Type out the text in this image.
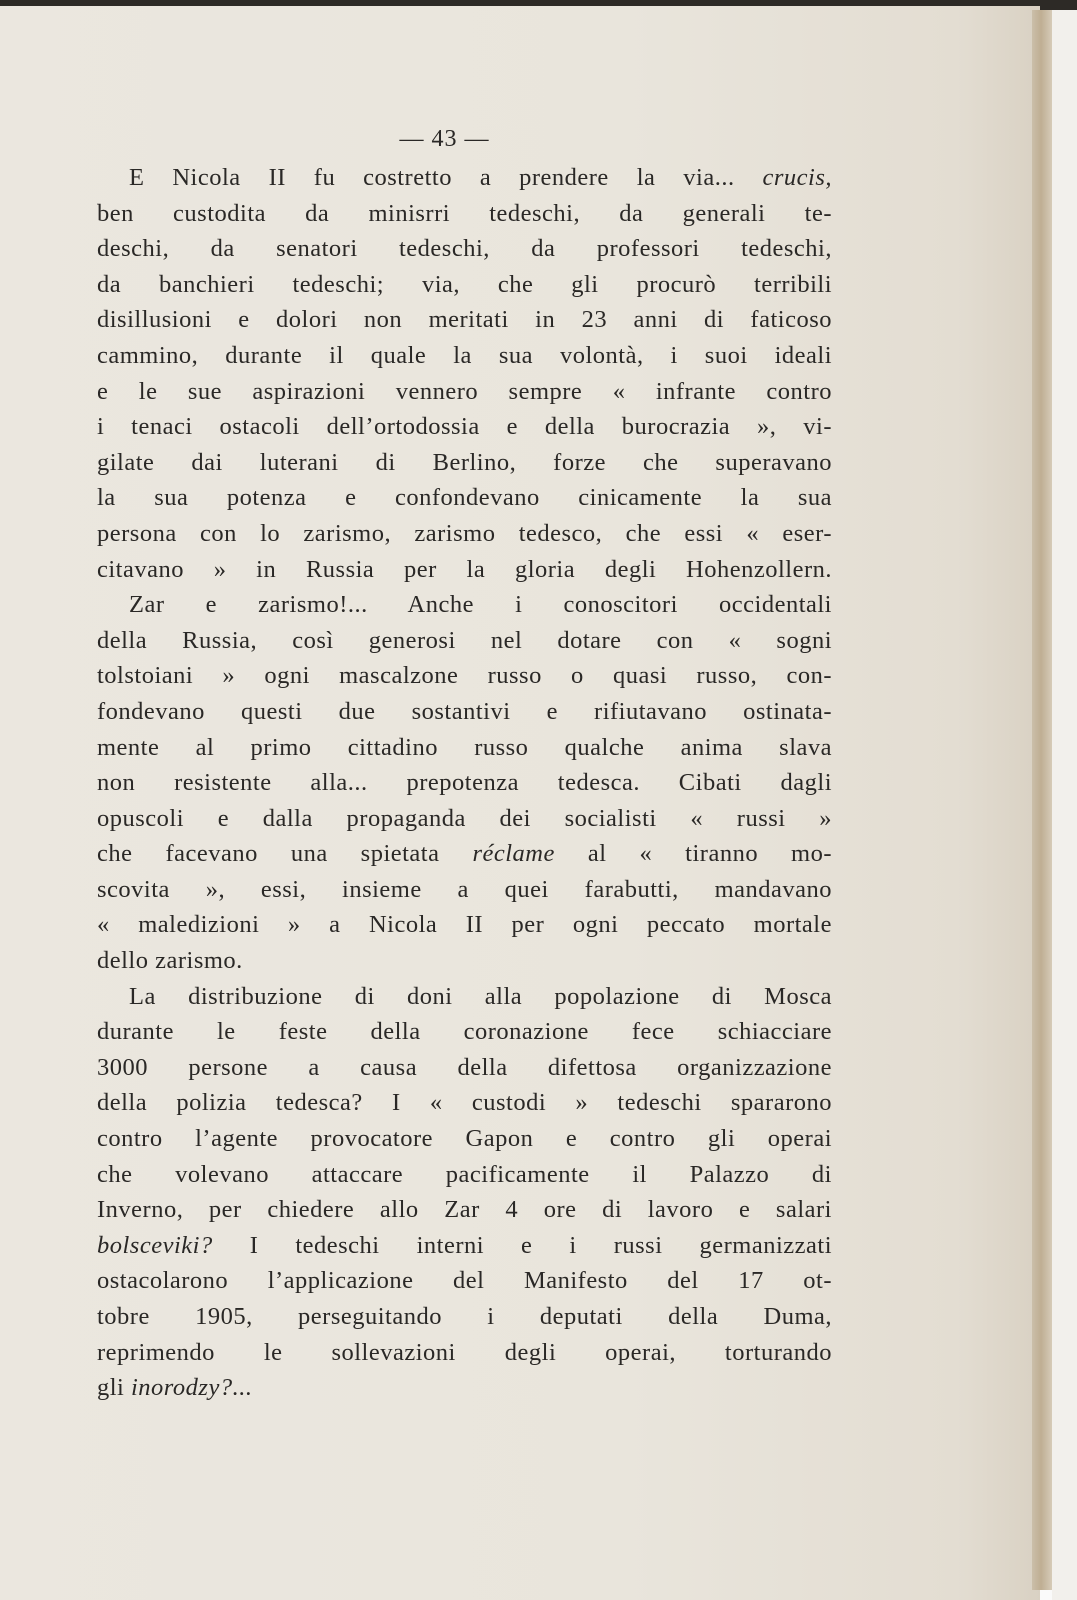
— 43 —
E Nicola II fu costretto a prendere la via... crucis,
ben custodita da minisrri tedeschi, da generali te-
deschi, da senatori tedeschi, da professori tedeschi,
da banchieri tedeschi; via, che gli procurò terribili
disillusioni e dolori non meritati in 23 anni di faticoso
cammino, durante il quale la sua volontà, i suoi ideali
e le sue aspirazioni vennero sempre « infrante contro
i tenaci ostacoli dell’ortodossia e della burocrazia », vi-
gilate dai luterani di Berlino, forze che superavano
la sua potenza e confondevano cinicamente la sua
persona con lo zarismo, zarismo tedesco, che essi « eser-
citavano » in Russia per la gloria degli Hohenzollern.
Zar e zarismo!... Anche i conoscitori occidentali
della Russia, così generosi nel dotare con « sogni
tolstoiani » ogni mascalzone russo o quasi russo, con-
fondevano questi due sostantivi e rifiutavano ostinata-
mente al primo cittadino russo qualche anima slava
non resistente alla... prepotenza tedesca. Cibati dagli
opuscoli e dalla propaganda dei socialisti « russi »
che facevano una spietata réclame al « tiranno mo-
scovita », essi, insieme a quei farabutti, mandavano
« maledizioni » a Nicola II per ogni peccato mortale
dello zarismo.
La distribuzione di doni alla popolazione di Mosca
durante le feste della coronazione fece schiacciare
3000 persone a causa della difettosa organizzazione
della polizia tedesca? I « custodi » tedeschi spararono
contro l’agente provocatore Gapon e contro gli operai
che volevano attaccare pacificamente il Palazzo di
Inverno, per chiedere allo Zar 4 ore di lavoro e salari
bolsceviki? I tedeschi interni e i russi germanizzati
ostacolarono l’applicazione del Manifesto del 17 ot-
tobre 1905, perseguitando i deputati della Duma,
reprimendo le sollevazioni degli operai, torturando
gli inorodzy?...
